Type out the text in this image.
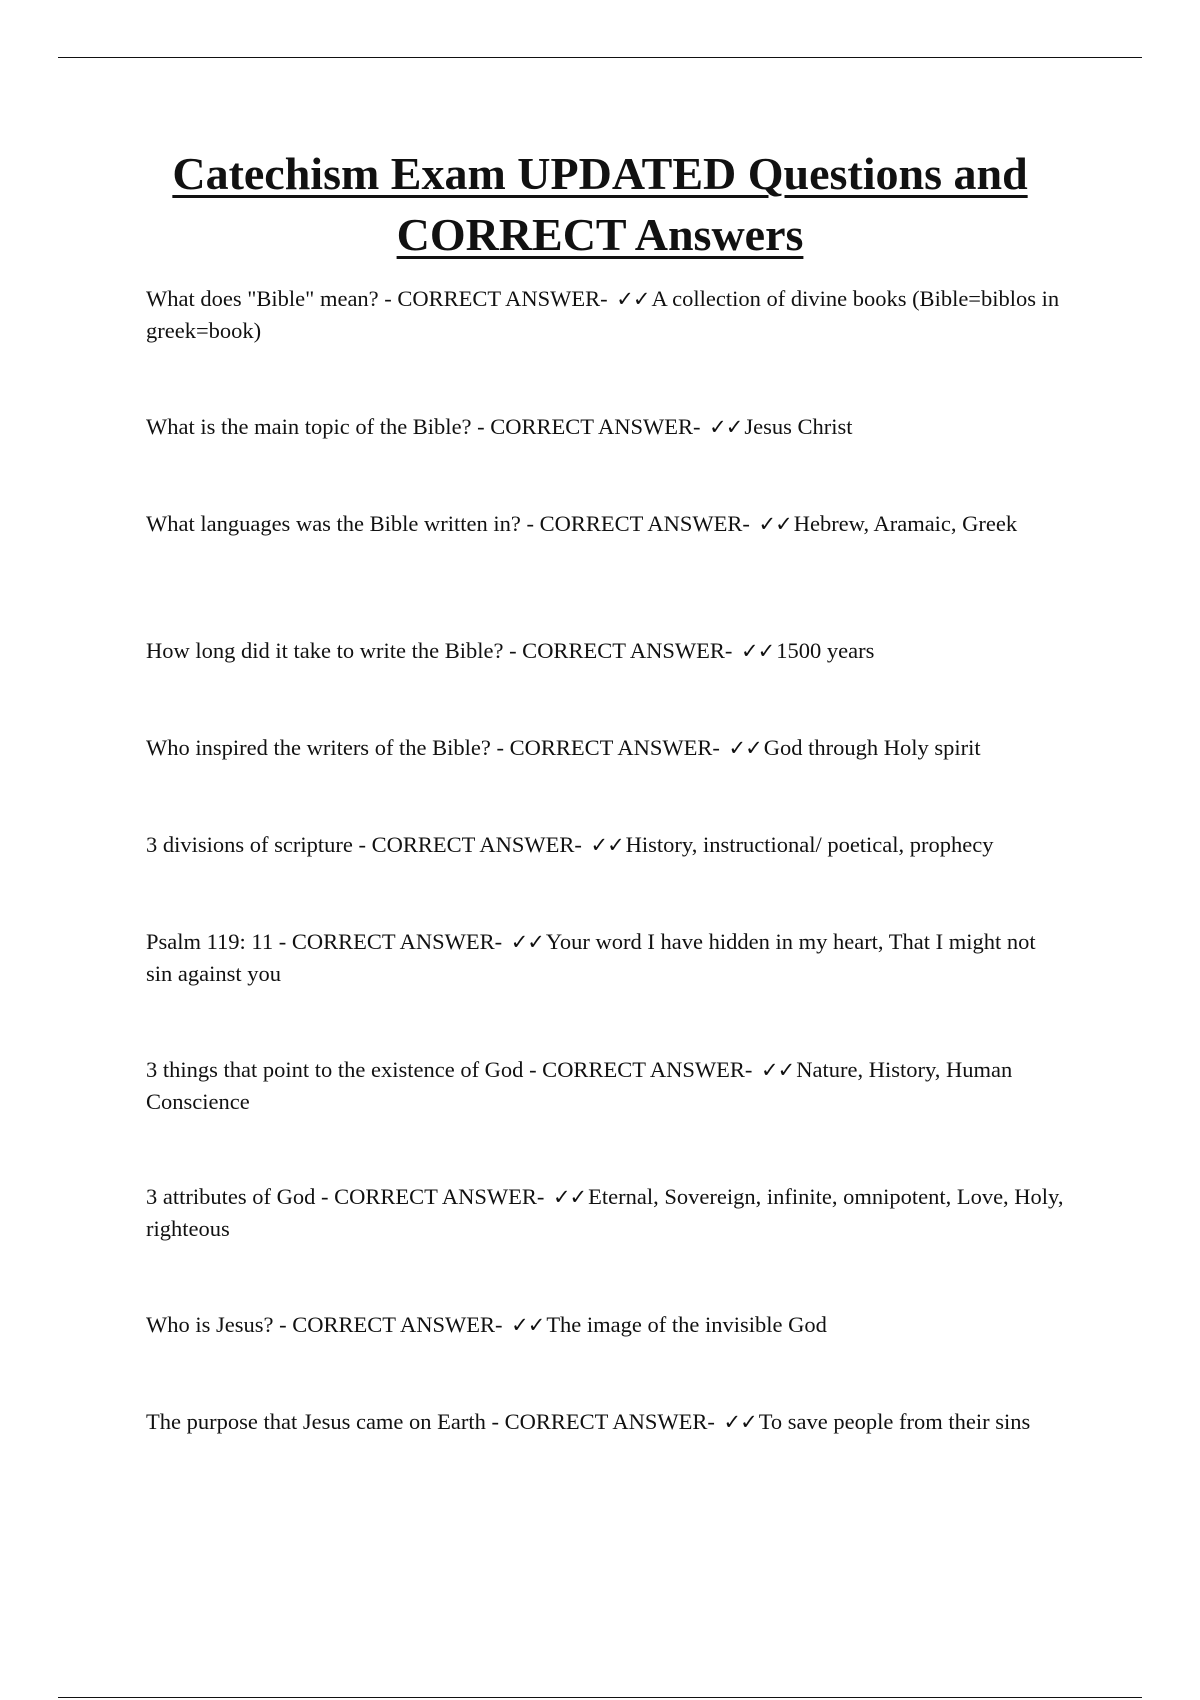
Catechism Exam UPDATED Questions and CORRECT Answers

What does "Bible" mean? - CORRECT ANSWER- ✓✓A collection of divine books (Bible=biblos in greek=book)

What is the main topic of the Bible? - CORRECT ANSWER- ✓✓Jesus Christ

What languages was the Bible written in? - CORRECT ANSWER- ✓✓Hebrew, Aramaic, Greek

How long did it take to write the Bible? - CORRECT ANSWER- ✓✓1500 years

Who inspired the writers of the Bible? - CORRECT ANSWER- ✓✓God through Holy spirit

3 divisions of scripture - CORRECT ANSWER- ✓✓History, instructional/ poetical, prophecy

Psalm 119: 11 - CORRECT ANSWER- ✓✓Your word I have hidden in my heart, That I might not sin against you

3 things that point to the existence of God - CORRECT ANSWER- ✓✓Nature, History, Human Conscience

3 attributes of God - CORRECT ANSWER- ✓✓Eternal, Sovereign, infinite, omnipotent, Love, Holy, righteous

Who is Jesus? - CORRECT ANSWER- ✓✓The image of the invisible God

The purpose that Jesus came on Earth - CORRECT ANSWER- ✓✓To save people from their sins
